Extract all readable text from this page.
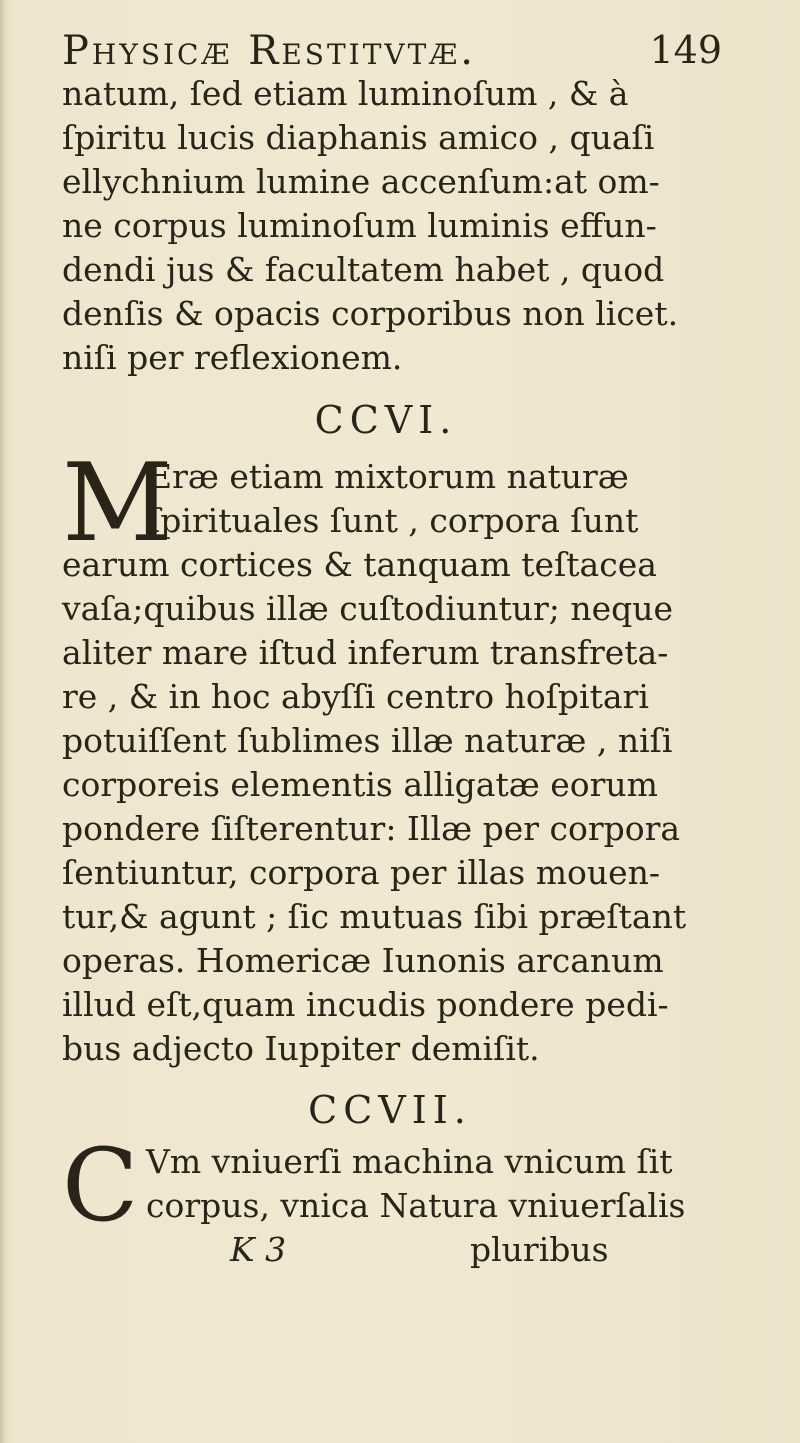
Physicæ Restitvtæ.	149
natum, ſed etiam luminoſum , & à
ſpiritu lucis diaphanis amico , quaſi
ellychnium lumine accenſum:at om-
ne corpus luminoſum luminis effun-
dendi jus & facultatem habet , quod
denſis & opacis corporibus non licet.
niſi per reflexionem.
CCVI.
M
Eræ etiam mixtorum naturæ
ſpirituales ſunt , corpora ſunt
earum cortices & tanquam teſtacea
vaſa;quibus illæ cuſtodiuntur; neque
aliter mare iſtud inferum transfreta-
re , & in hoc abyſſi centro hoſpitari
potuiſſent ſublimes illæ naturæ , niſi
corporeis elementis alligatæ eorum
pondere ſiſterentur: Illæ per corpora
ſentiuntur, corpora per illas mouen-
tur,& agunt ; ſic mutuas ſibi præſtant
operas. Homericæ Iunonis arcanum
illud eſt,quam incudis pondere pedi-
bus adjecto Iuppiter demiſit.
CCVII.
C Vm vniuerſi machina vnicum ſit
corpus, vnica Natura vniuerſalis
K 3	pluribus
